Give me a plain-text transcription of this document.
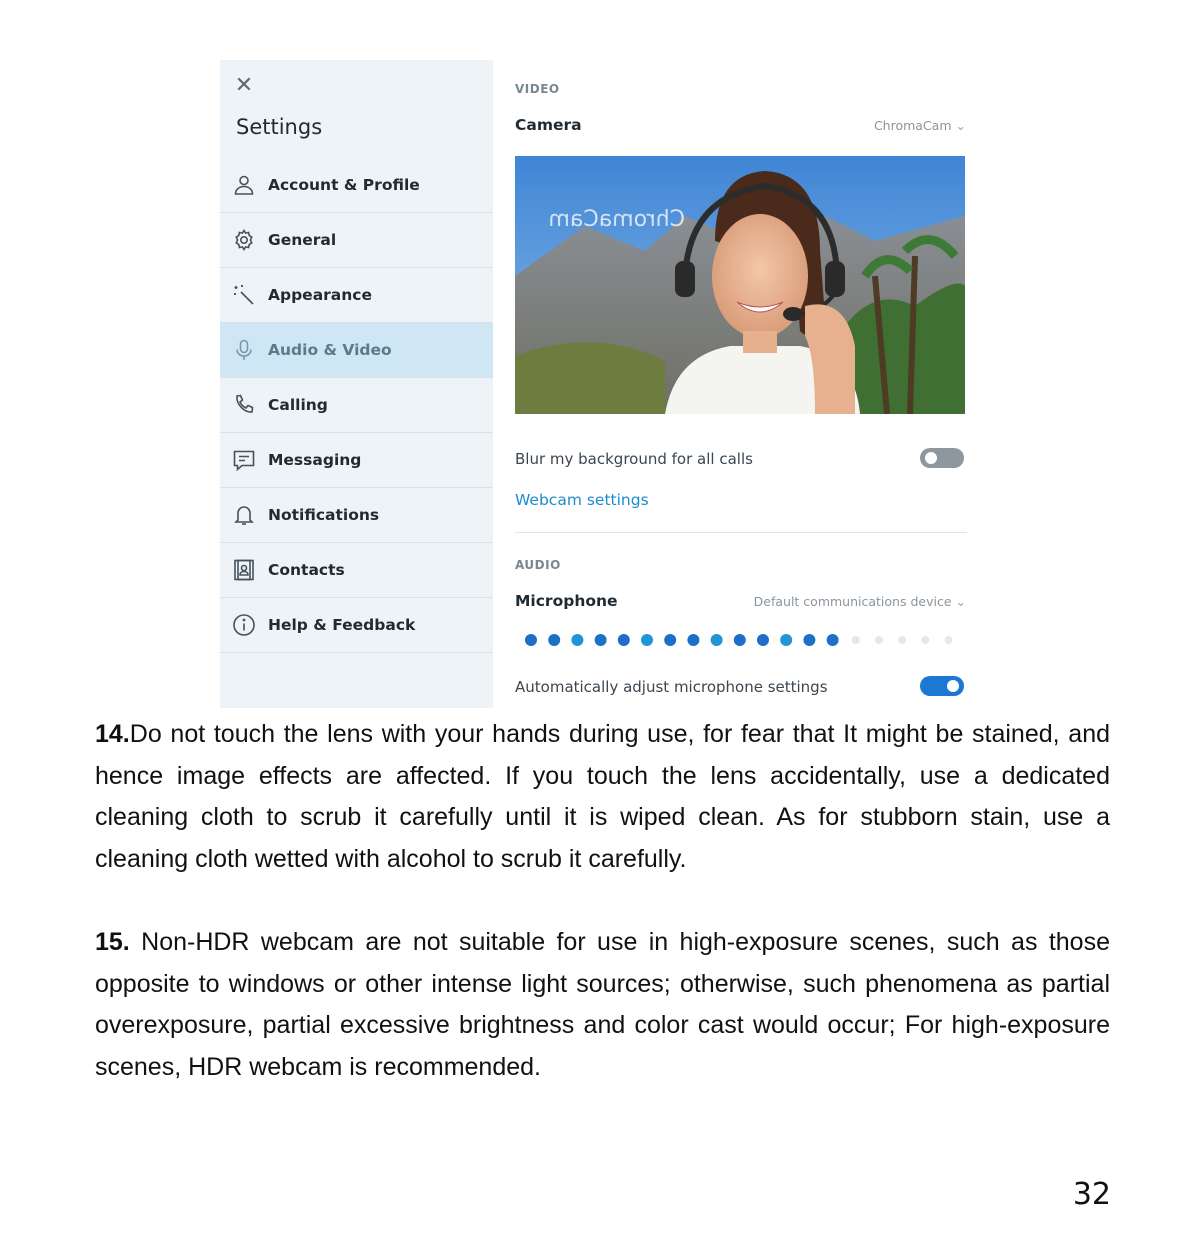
✕
Settings
Account & Profile
General
Appearance
Audio & Video
Calling
Messaging
Notifications
Contacts
Help & Feedback
VIDEO
Camera	ChromaCam ⌄
ChromaCam
Blur my background for all calls
Webcam settings
AUDIO
Microphone	Default communications device ⌄
Automatically adjust microphone settings

14.Do not touch the lens with your hands during use, for fear that It might be stained, and hence image effects are affected. If you touch the lens accidentally, use a dedicated cleaning cloth to scrub it carefully until it is wiped clean. As for stubborn stain, use a cleaning cloth wetted with alcohol to scrub it carefully.

15. Non-HDR webcam are not suitable for use in high-exposure scenes, such as those opposite to windows or other intense light sources; otherwise, such phenomena as partial overexposure, partial excessive brightness and color cast would occur; For high-exposure scenes, HDR webcam is recommended.

32
